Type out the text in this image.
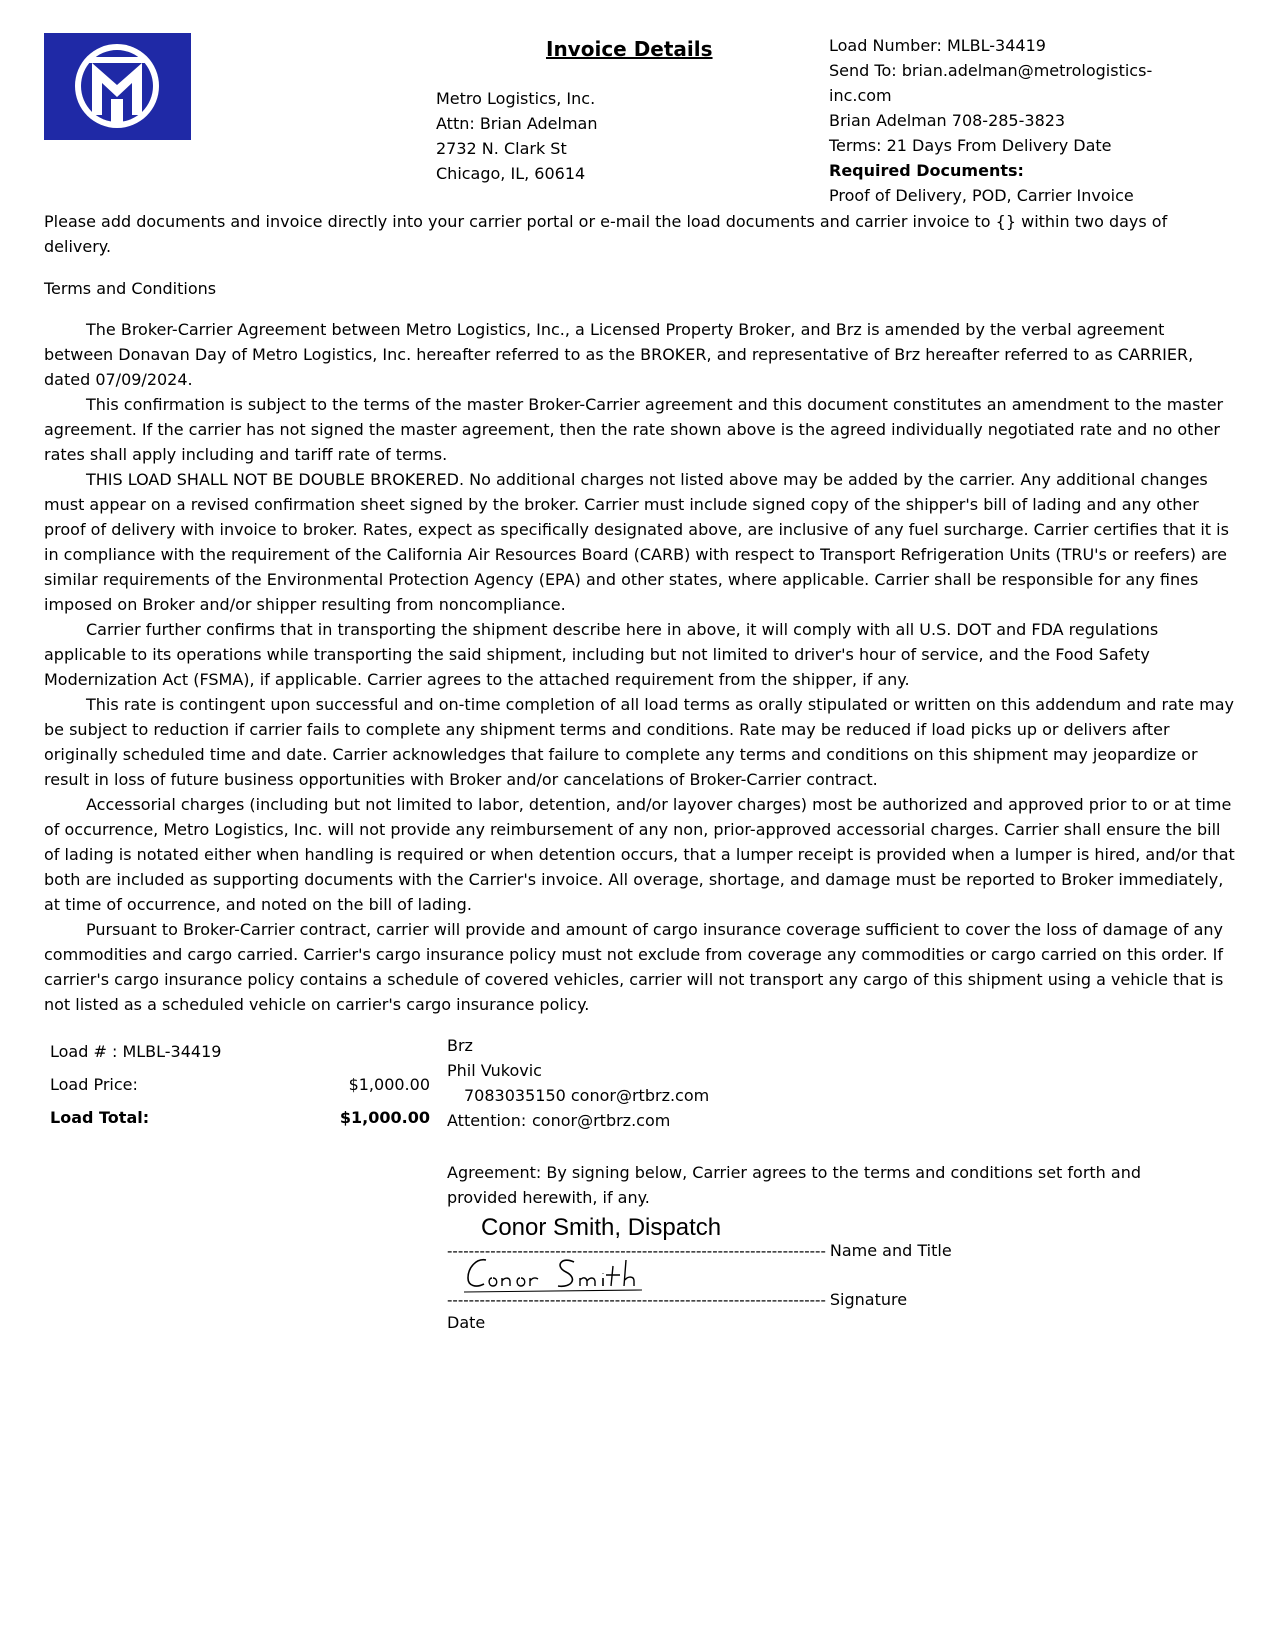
Invoice Details
Metro Logistics, Inc.
Attn: Brian Adelman
2732 N. Clark St
Chicago, IL, 60614
Load Number: MLBL-34419
Send To: brian.adelman@metrologistics-
inc.com
Brian Adelman 708-285-3823
Terms: 21 Days From Delivery Date
Required Documents:
Proof of Delivery, POD, Carrier Invoice
Please add documents and invoice directly into your carrier portal or e-mail the load documents and carrier invoice to {} within two days of delivery.
Terms and Conditions

The Broker-Carrier Agreement between Metro Logistics, Inc., a Licensed Property Broker, and Brz is amended by the verbal agreement between Donavan Day of Metro Logistics, Inc. hereafter referred to as the BROKER, and representative of Brz hereafter referred to as CARRIER, dated 07/09/2024.

This confirmation is subject to the terms of the master Broker-Carrier agreement and this document constitutes an amendment to the master agreement. If the carrier has not signed the master agreement, then the rate shown above is the agreed individually negotiated rate and no other rates shall apply including and tariff rate of terms.

THIS LOAD SHALL NOT BE DOUBLE BROKERED. No additional charges not listed above may be added by the carrier. Any additional changes must appear on a revised confirmation sheet signed by the broker. Carrier must include signed copy of the shipper's bill of lading and any other proof of delivery with invoice to broker. Rates, expect as specifically designated above, are inclusive of any fuel surcharge. Carrier certifies that it is in compliance with the requirement of the California Air Resources Board (CARB) with respect to Transport Refrigeration Units (TRU's or reefers) are similar requirements of the Environmental Protection Agency (EPA) and other states, where applicable. Carrier shall be responsible for any fines imposed on Broker and/or shipper resulting from noncompliance.

Carrier further confirms that in transporting the shipment describe here in above, it will comply with all U.S. DOT and FDA regulations applicable to its operations while transporting the said shipment, including but not limited to driver's hour of service, and the Food Safety Modernization Act (FSMA), if applicable. Carrier agrees to the attached requirement from the shipper, if any.

This rate is contingent upon successful and on-time completion of all load terms as orally stipulated or written on this addendum and rate may be subject to reduction if carrier fails to complete any shipment terms and conditions. Rate may be reduced if load picks up or delivers after originally scheduled time and date. Carrier acknowledges that failure to complete any terms and conditions on this shipment may jeopardize or result in loss of future business opportunities with Broker and/or cancelations of Broker-Carrier contract.

Accessorial charges (including but not limited to labor, detention, and/or layover charges) most be authorized and approved prior to or at time of occurrence, Metro Logistics, Inc. will not provide any reimbursement of any non, prior-approved accessorial charges. Carrier shall ensure the bill of lading is notated either when handling is required or when detention occurs, that a lumper receipt is provided when a lumper is hired, and/or that both are included as supporting documents with the Carrier's invoice. All overage, shortage, and damage must be reported to Broker immediately, at time of occurrence, and noted on the bill of lading.

Pursuant to Broker-Carrier contract, carrier will provide and amount of cargo insurance coverage sufficient to cover the loss of damage of any commodities and cargo carried. Carrier's cargo insurance policy must not exclude from coverage any commodities or cargo carried on this order. If carrier's cargo insurance policy contains a schedule of covered vehicles, carrier will not transport any cargo of this shipment using a vehicle that is not listed as a scheduled vehicle on carrier's cargo insurance policy.

Load # : MLBL-34419
Load Price:	$1,000.00
Load Total:	$1,000.00
Brz
Phil Vukovic
7083035150 conor@rtbrz.com
Attention: conor@rtbrz.com
Agreement: By signing below, Carrier agrees to the terms and conditions set forth and provided herewith, if any.
Conor Smith, Dispatch
---------------------------------------------------------------------- Name and Title
---------------------------------------------------------------------- Signature
Date
